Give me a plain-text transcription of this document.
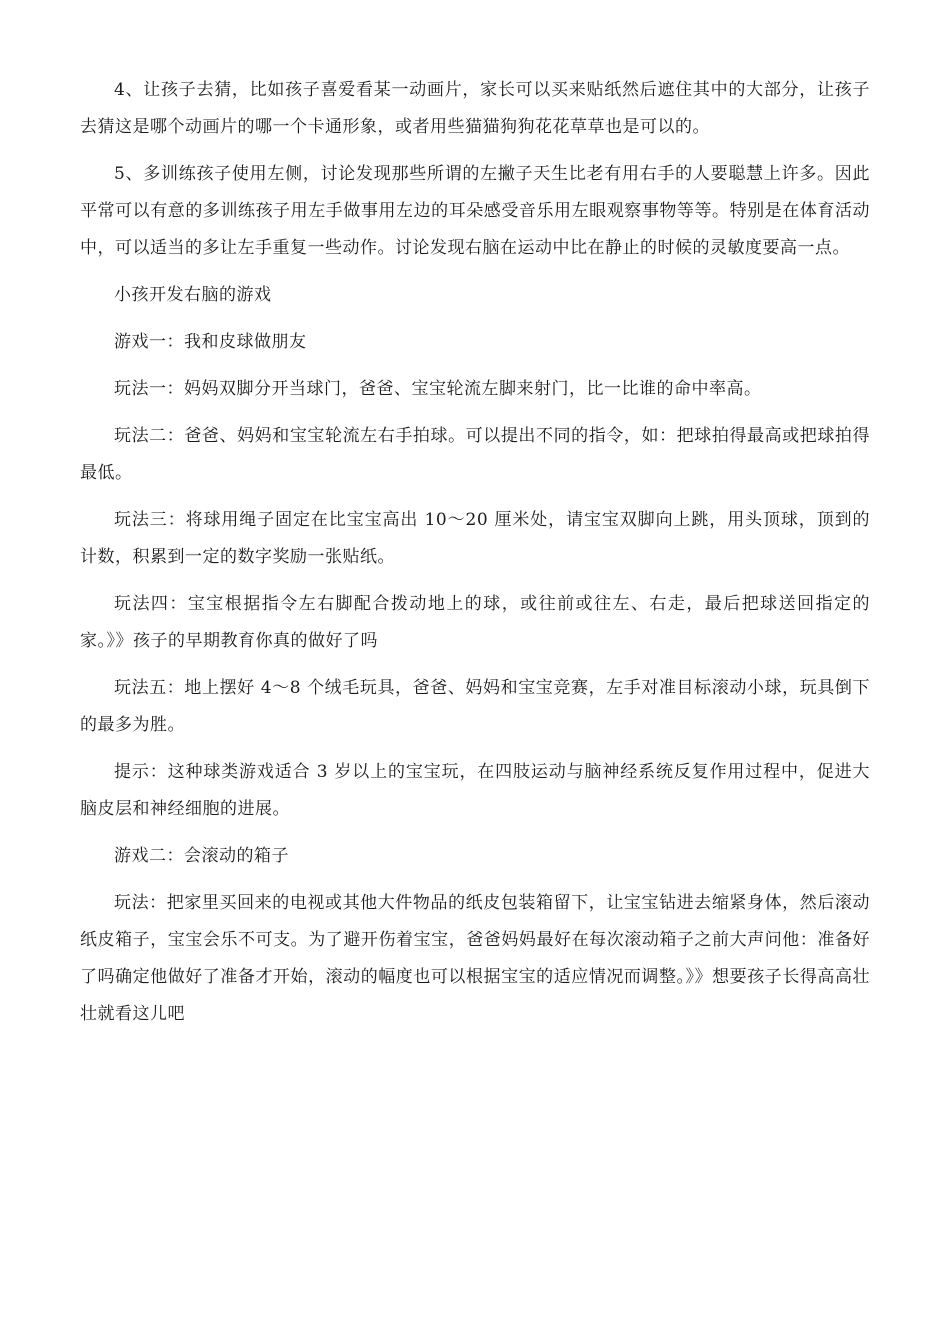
4、让孩子去猜，比如孩子喜爱看某一动画片，家长可以买来贴纸然后遮住其中的大部分，让孩子去猜这是哪个动画片的哪一个卡通形象，或者用些猫猫狗狗花花草草也是可以的。

5、多训练孩子使用左侧，讨论发现那些所谓的左撇子天生比老有用右手的人要聪慧上许多。因此平常可以有意的多训练孩子用左手做事用左边的耳朵感受音乐用左眼观察事物等等。特别是在体育活动中，可以适当的多让左手重复一些动作。讨论发现右脑在运动中比在静止的时候的灵敏度要高一点。

小孩开发右脑的游戏

游戏一：我和皮球做朋友

玩法一：妈妈双脚分开当球门，爸爸、宝宝轮流左脚来射门，比一比谁的命中率高。

玩法二：爸爸、妈妈和宝宝轮流左右手拍球。可以提出不同的指令，如：把球拍得最高或把球拍得最低。

玩法三：将球用绳子固定在比宝宝高出 10～20 厘米处，请宝宝双脚向上跳，用头顶球，顶到的计数，积累到一定的数字奖励一张贴纸。

玩法四：宝宝根据指令左右脚配合拨动地上的球，或往前或往左、右走，最后把球送回指定的家。》》孩子的早期教育你真的做好了吗

玩法五：地上摆好 4～8 个绒毛玩具，爸爸、妈妈和宝宝竞赛，左手对准目标滚动小球，玩具倒下的最多为胜。

提示：这种球类游戏适合 3 岁以上的宝宝玩，在四肢运动与脑神经系统反复作用过程中，促进大脑皮层和神经细胞的进展。

游戏二：会滚动的箱子

玩法：把家里买回来的电视或其他大件物品的纸皮包装箱留下，让宝宝钻进去缩紧身体，然后滚动纸皮箱子，宝宝会乐不可支。为了避开伤着宝宝，爸爸妈妈最好在每次滚动箱子之前大声问他：准备好了吗确定他做好了准备才开始，滚动的幅度也可以根据宝宝的适应情况而调整。》》想要孩子长得高高壮壮就看这儿吧
